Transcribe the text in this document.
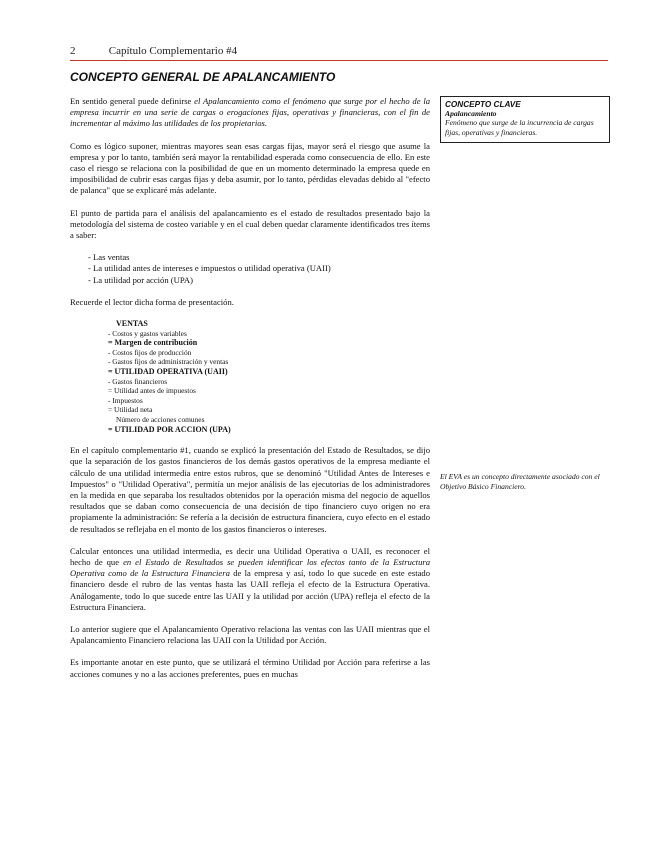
2	Capítulo Complementario #4
CONCEPTO GENERAL DE APALANCAMIENTO

En sentido general puede definirse el Apalancamiento como el fenómeno que surge por el hecho de la empresa incurrir en una serie de cargas o erogaciones fijas, operativas y financieras, con el fin de incrementar al máximo las utilidades de los propietarios.

Como es lógico suponer, mientras mayores sean esas cargas fijas, mayor será el riesgo que asume la empresa y por lo tanto, también será mayor la rentabilidad esperada como consecuencia de ello. En este caso el riesgo se relaciona con la posibilidad de que en un momento determinado la empresa quede en imposibilidad de cubrir esas cargas fijas y deba asumir, por lo tanto, pérdidas elevadas debido al "efecto de palanca" que se explicaré más adelante.

El punto de partida para el análisis del apalancamiento es el estado de resultados presentado bajo la metodología del sistema de costeo variable y en el cual deben quedar claramente identificados tres ítems a saber:

- Las ventas
- La utilidad antes de intereses e impuestos o utilidad operativa (UAII)
- La utilidad por acción (UPA)

Recuerde el lector dicha forma de presentación.

VENTAS
- Costos y gastos variables
= Margen de contribución
- Costos fijos de producción
- Gastos fijos de administración y ventas
= UTILIDAD OPERATIVA (UAII)
- Gastos financieros
= Utilidad antes de impuestos
- Impuestos
= Utilidad neta
Número de acciones comunes
= UTILIDAD POR ACCION (UPA)

En el capítulo complementario #1, cuando se explicó la presentación del Estado de Resultados, se dijo que la separación de los gastos financieros de los demás gastos operativos de la empresa mediante el cálculo de una utilidad intermedia entre estos rubros, que se denominó "Utilidad Antes de Intereses e Impuestos" o "Utilidad Operativa", permitía un mejor análisis de las ejecutorias de los administradores en la medida en que separaba los resultados obtenidos por la operación misma del negocio de aquellos resultados que se daban como consecuencia de una decisión de tipo financiero cuyo origen no era propiamente la administración: Se refería a la decisión de estructura financiera, cuyo efecto en el estado de resultados se reflejaba en el monto de los gastos financieros o intereses.

Calcular entonces una utilidad intermedia, es decir una Utilidad Operativa o UAII, es reconocer el hecho de que en el Estado de Resultados se pueden identificar los efectos tanto de la Estructura Operativa como de la Estructura Financiera de la empresa y así, todo lo que sucede en este estado financiero desde el rubro de las ventas hasta las UAII refleja el efecto de la Estructura Operativa. Análogamente, todo lo que sucede entre las UAII y la utilidad por acción (UPA) refleja el efecto de la Estructura Financiera.

Lo anterior sugiere que el Apalancamiento Operativo relaciona las ventas con las UAII mientras que el Apalancamiento Financiero relaciona las UAII con la Utilidad por Acción.

Es importante anotar en este punto, que se utilizará el término Utilidad por Acción para referirse a las acciones comunes y no a las acciones preferentes, pues en muchas

CONCEPTO CLAVE
Apalancamiento
Fenómeno que surge de la incurrencia de cargas fijas, operativas y financieras.
El EVA es un concepto directamente asociado con el Objetivo Básico Financiero.
